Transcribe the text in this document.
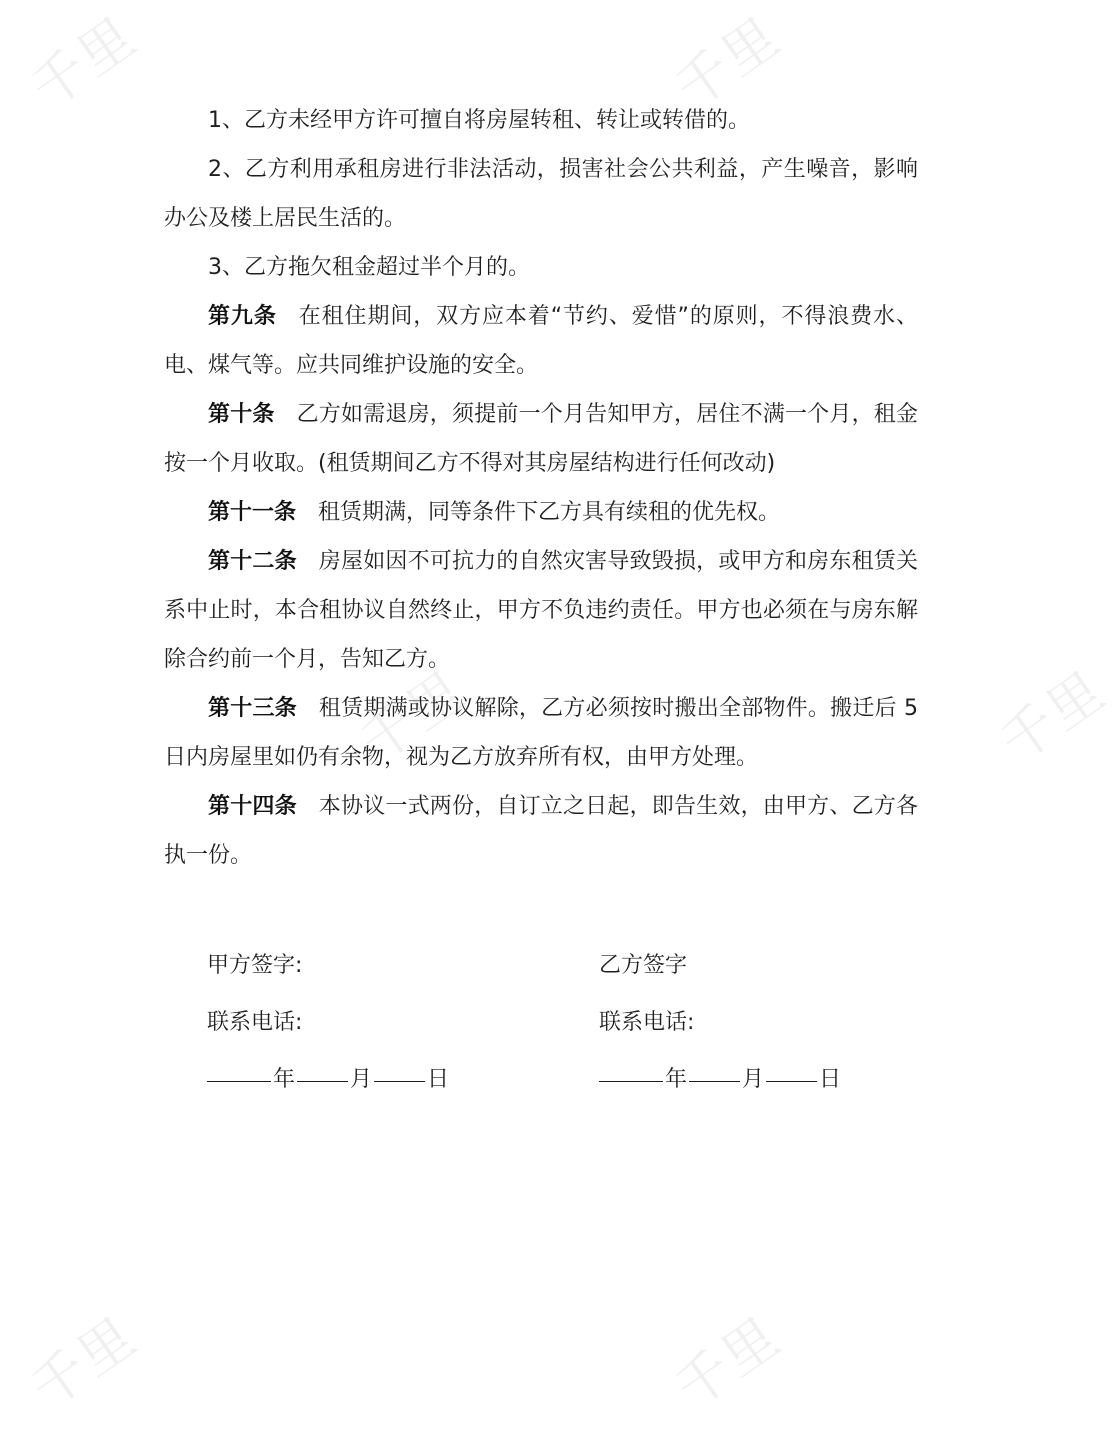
千里	千里
千里	千里
千里	千里

1、乙方未经甲方许可擅自将房屋转租、转让或转借的。

2、乙方利用承租房进行非法活动，损害社会公共利益，产生噪音，影响办公及楼上居民生活的。

3、乙方拖欠租金超过半个月的。

第九条 在租住期间，双方应本着“节约、爱惜”的原则，不得浪费水、电、煤气等。应共同维护设施的安全。

第十条 乙方如需退房，须提前一个月告知甲方，居住不满一个月，租金按一个月收取。(租赁期间乙方不得对其房屋结构进行任何改动)

第十一条 租赁期满，同等条件下乙方具有续租的优先权。

第十二条 房屋如因不可抗力的自然灾害导致毁损，或甲方和房东租赁关系中止时，本合租协议自然终止，甲方不负违约责任。甲方也必须在与房东解除合约前一个月，告知乙方。

第十三条 租赁期满或协议解除，乙方必须按时搬出全部物件。搬迁后 5 日内房屋里如仍有余物，视为乙方放弃所有权，由甲方处理。

第十四条 本协议一式两份，自订立之日起，即告生效，由甲方、乙方各执一份。

甲方签字:
联系电话:
年	月	日
乙方签字
联系电话:
年	月	日
